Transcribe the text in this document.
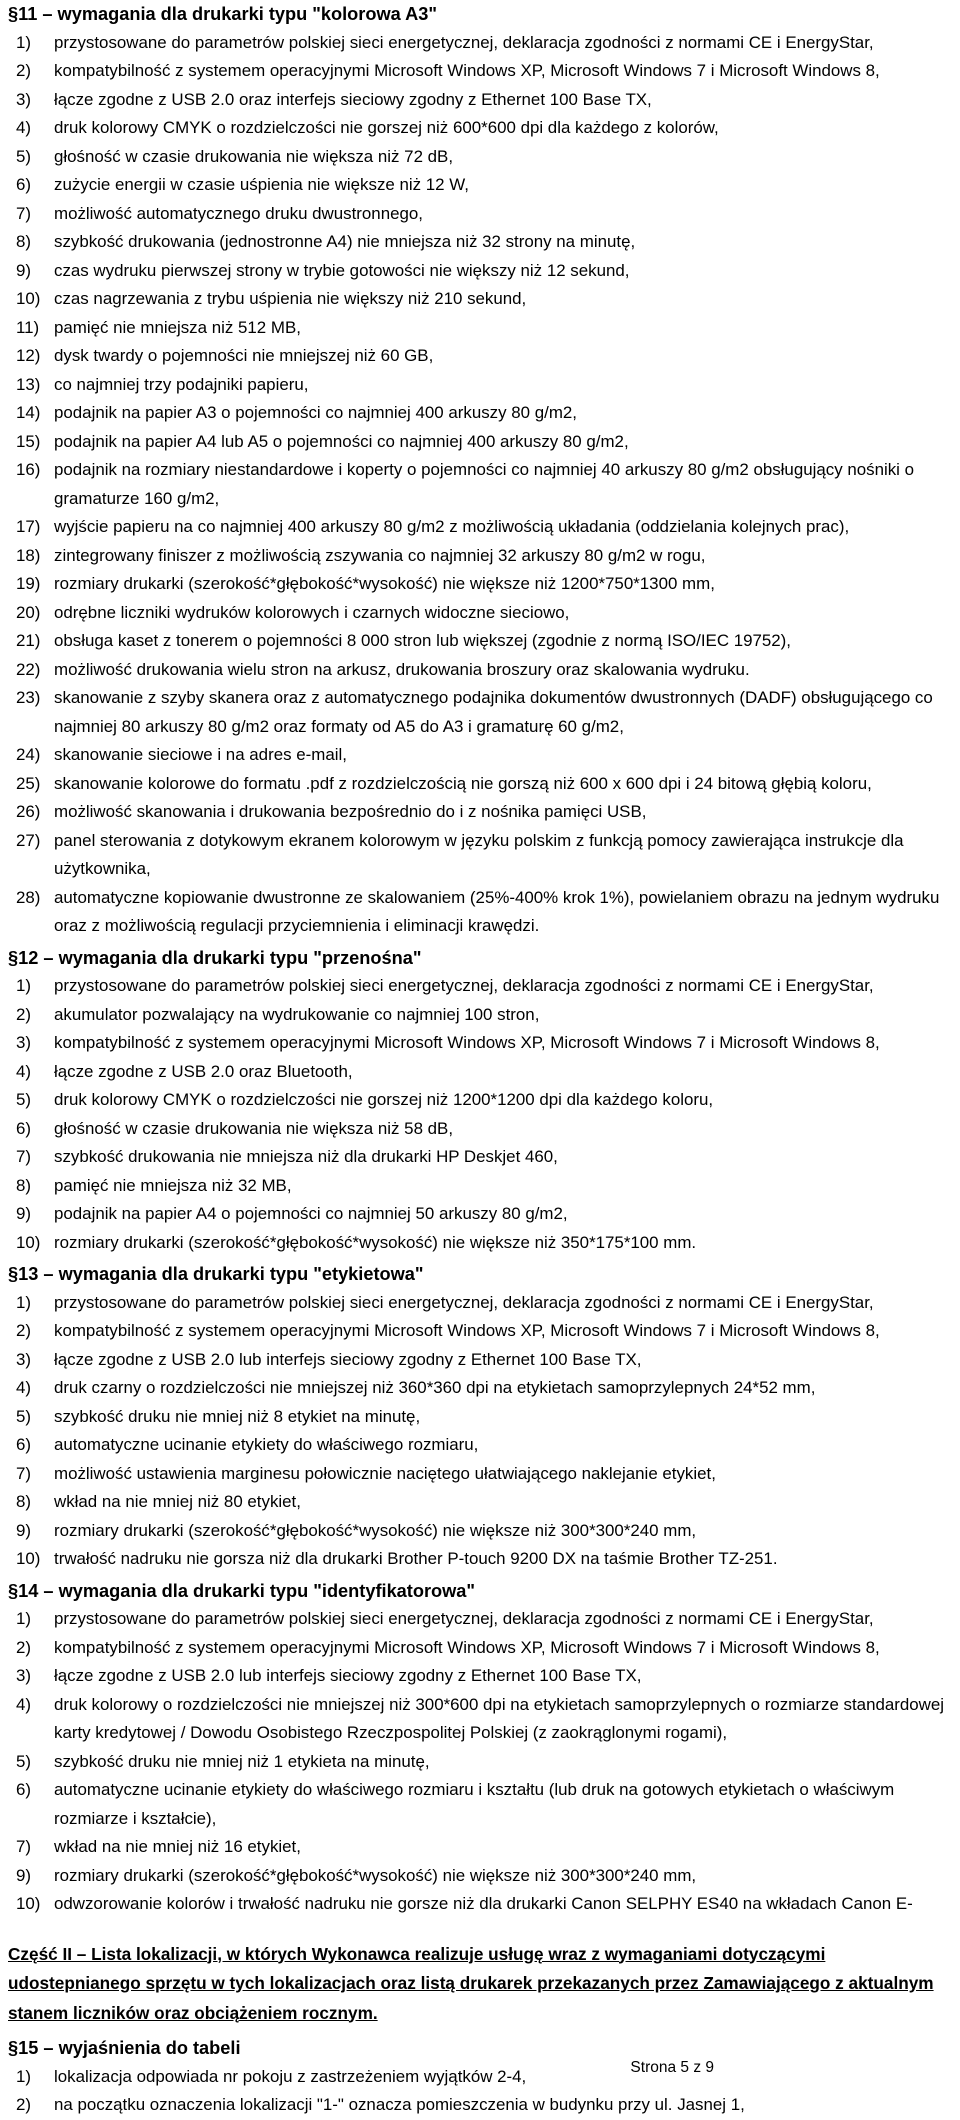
§11 – wymagania dla drukarki typu "kolorowa A3"
1)	przystosowane do parametrów polskiej sieci energetycznej, deklaracja zgodności z normami CE i EnergyStar,
2)	kompatybilność z systemem operacyjnymi Microsoft Windows XP, Microsoft Windows 7 i Microsoft Windows 8,
3)	łącze zgodne z USB 2.0 oraz interfejs sieciowy zgodny z Ethernet 100 Base TX,
4)	druk kolorowy CMYK o rozdzielczości nie gorszej niż 600*600 dpi dla każdego z kolorów,
5)	głośność w czasie drukowania nie większa niż 72 dB,
6)	zużycie energii w czasie uśpienia nie większe niż 12 W,
7)	możliwość automatycznego druku dwustronnego,
8)	szybkość drukowania (jednostronne A4) nie mniejsza niż 32 strony na minutę,
9)	czas wydruku pierwszej strony w trybie gotowości nie większy niż 12 sekund,
10) czas nagrzewania z trybu uśpienia nie większy niż 210 sekund,
11) pamięć nie mniejsza niż 512 MB,
12) dysk twardy o pojemności nie mniejszej niż 60 GB,
13) co najmniej trzy podajniki papieru,
14) podajnik na papier A3 o pojemności co najmniej 400 arkuszy 80 g/m2,
15) podajnik na papier A4 lub A5 o pojemności co najmniej 400 arkuszy 80 g/m2,
16) podajnik na rozmiary niestandardowe i koperty o pojemności co najmniej 40 arkuszy 80 g/m2 obsługujący nośniki o gramaturze 160 g/m2,
17) wyjście papieru na co najmniej 400 arkuszy 80 g/m2 z możliwością układania (oddzielania kolejnych prac),
18) zintegrowany finiszer z możliwością zszywania co najmniej 32 arkuszy 80 g/m2 w rogu,
19) rozmiary drukarki (szerokość*głębokość*wysokość) nie większe niż 1200*750*1300 mm,
20) odrębne liczniki wydruków kolorowych i czarnych widoczne sieciowo,
21) obsługa kaset z tonerem o pojemności 8 000 stron lub większej (zgodnie z normą ISO/IEC 19752),
22) możliwość drukowania wielu stron na arkusz, drukowania broszury oraz skalowania wydruku.
23) skanowanie z szyby skanera oraz z automatycznego podajnika dokumentów dwustronnych (DADF) obsługującego co najmniej 80 arkuszy 80 g/m2 oraz formaty od A5 do A3 i gramaturę 60 g/m2,
24) skanowanie sieciowe i na adres e-mail,
25) skanowanie kolorowe do formatu .pdf z rozdzielczością nie gorszą niż 600 x 600 dpi i 24 bitową głębią koloru,
26) możliwość skanowania i drukowania bezpośrednio do i z nośnika pamięci USB,
27) panel sterowania z dotykowym ekranem kolorowym w języku polskim z funkcją pomocy zawierająca instrukcje dla użytkownika,
28) automatyczne kopiowanie dwustronne ze skalowaniem (25%-400% krok 1%), powielaniem obrazu na jednym wydruku oraz z możliwością regulacji przyciemnienia i eliminacji krawędzi.
§12 – wymagania dla drukarki typu "przenośna"
1)	przystosowane do parametrów polskiej sieci energetycznej, deklaracja zgodności z normami CE i EnergyStar,
2)	akumulator pozwalający na wydrukowanie co najmniej 100 stron,
3)	kompatybilność z systemem operacyjnymi Microsoft Windows XP, Microsoft Windows 7 i Microsoft Windows 8,
4)	łącze zgodne z USB 2.0 oraz Bluetooth,
5)	druk kolorowy CMYK o rozdzielczości nie gorszej niż 1200*1200 dpi dla każdego koloru,
6)	głośność w czasie drukowania nie większa niż 58 dB,
7)	szybkość drukowania nie mniejsza niż dla drukarki HP Deskjet 460,
8)	pamięć nie mniejsza niż 32 MB,
9)	podajnik na papier A4 o pojemności co najmniej 50 arkuszy 80 g/m2,
10) rozmiary drukarki (szerokość*głębokość*wysokość) nie większe niż 350*175*100 mm.
§13 – wymagania dla drukarki typu "etykietowa"
1)	przystosowane do parametrów polskiej sieci energetycznej, deklaracja zgodności z normami CE i EnergyStar,
2)	kompatybilność z systemem operacyjnymi Microsoft Windows XP, Microsoft Windows 7 i Microsoft Windows 8,
3)	łącze zgodne z USB 2.0 lub interfejs sieciowy zgodny z Ethernet 100 Base TX,
4)	druk czarny o rozdzielczości nie mniejszej niż 360*360 dpi na etykietach samoprzylepnych 24*52 mm,
5)	szybkość druku nie mniej niż 8 etykiet na minutę,
6)	automatyczne ucinanie etykiety do właściwego rozmiaru,
7)	możliwość ustawienia marginesu połowicznie naciętego ułatwiającego naklejanie etykiet,
8)	wkład na nie mniej niż 80 etykiet,
9)	rozmiary drukarki (szerokość*głębokość*wysokość) nie większe niż 300*300*240 mm,
10) trwałość nadruku nie gorsza niż dla drukarki Brother P-touch 9200 DX na taśmie Brother TZ-251.
§14 – wymagania dla drukarki typu "identyfikatorowa"
1)	przystosowane do parametrów polskiej sieci energetycznej, deklaracja zgodności z normami CE i EnergyStar,
2)	kompatybilność z systemem operacyjnymi Microsoft Windows XP, Microsoft Windows 7 i Microsoft Windows 8,
3)	łącze zgodne z USB 2.0 lub interfejs sieciowy zgodny z Ethernet 100 Base TX,
4)	druk kolorowy o rozdzielczości nie mniejszej niż 300*600 dpi na etykietach samoprzylepnych o rozmiarze standardowej karty kredytowej / Dowodu Osobistego Rzeczpospolitej Polskiej (z zaokrąglonymi rogami),
5)	szybkość druku nie mniej niż 1 etykieta na minutę,
6)	automatyczne ucinanie etykiety do właściwego rozmiaru i kształtu (lub druk na gotowych etykietach o właściwym rozmiarze i kształcie),
7)	wkład na nie mniej niż 16 etykiet,
9)	rozmiary drukarki (szerokość*głębokość*wysokość) nie większe niż 300*300*240 mm,
10) odwzorowanie kolorów i trwałość nadruku nie gorsze niż dla drukarki Canon SELPHY ES40 na wkładach Canon E-
Część II – Lista lokalizacji, w których Wykonawca realizuje usługę wraz z wymaganiami dotyczącymi udostepnianego sprzętu w tych lokalizacjach oraz listą drukarek przekazanych przez Zamawiającego z aktualnym stanem liczników oraz obciążeniem rocznym.
§15 – wyjaśnienia do tabeli
1)	lokalizacja odpowiada nr pokoju z zastrzeżeniem wyjątków 2-4,
2)	na początku oznaczenia lokalizacji "1-" oznacza pomieszczenia w budynku przy ul. Jasnej 1,
Strona 5 z 9
